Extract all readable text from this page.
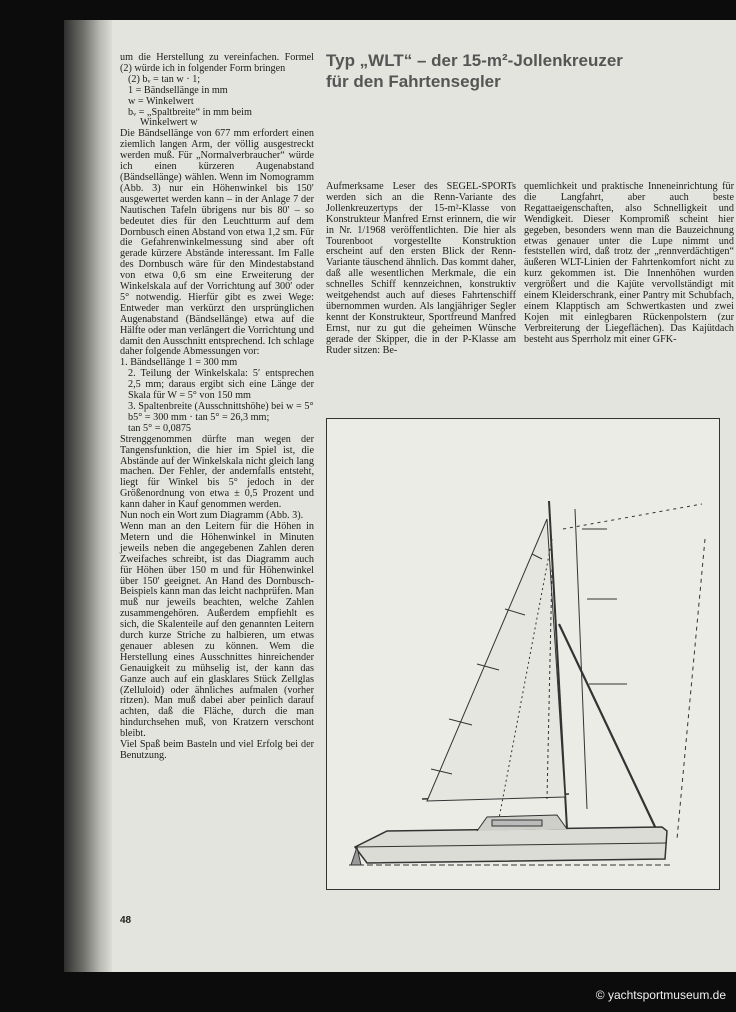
um die Herstellung zu vereinfachen. Formel (2) würde ich in folgender Form bringen

(2) bᵥ = tan w · 1;

1 = Bändsellänge in mm

w = Winkelwert

bᵥ = „Spaltbreite“ in mm beim

Winkelwert w

Die Bändsellänge von 677 mm erfordert einen ziemlich langen Arm, der völlig ausgestreckt werden muß. Für „Normalverbraucher“ würde ich einen kürzeren Augenabstand (Bändsellänge) wählen. Wenn im Nomogramm (Abb. 3) nur ein Höhenwinkel bis 150′ ausgewertet werden kann – in der Anlage 7 der Nautischen Tafeln übrigens nur bis 80′ – so bedeutet dies für den Leuchtturm auf dem Dornbusch einen Abstand von etwa 1,2 sm. Für die Gefahrenwinkelmessung sind aber oft gerade kürzere Abstände interessant. Im Falle des Dornbusch wäre für den Mindestabstand von etwa 0,6 sm eine Erweiterung der Winkelskala auf der Vorrichtung auf 300′ oder 5° notwendig. Hierfür gibt es zwei Wege: Entweder man verkürzt den ursprünglichen Augenabstand (Bändsellänge) etwa auf die Hälfte oder man verlängert die Vorrichtung und damit den Ausschnitt entsprechend. Ich schlage daher folgende Abmessungen vor:

1. Bändsellänge 1 = 300 mm

2. Teilung der Winkelskala: 5′ entsprechen 2,5 mm; daraus ergibt sich eine Länge der Skala für W = 5° von 150 mm

3. Spaltenbreite (Ausschnittshöhe) bei w = 5°

b5° = 300 mm · tan 5° = 26,3 mm;

tan 5° = 0,0875

Strenggenommen dürfte man wegen der Tangensfunktion, die hier im Spiel ist, die Abstände auf der Winkelskala nicht gleich lang machen. Der Fehler, der andernfalls entsteht, liegt für Winkel bis 5° jedoch in der Größenordnung von etwa ± 0,5 Prozent und kann daher in Kauf genommen werden.

Nun noch ein Wort zum Diagramm (Abb. 3).

Wenn man an den Leitern für die Höhen in Metern und die Höhenwinkel in Minuten jeweils neben die angegebenen Zahlen deren Zweifaches schreibt, ist das Diagramm auch für Höhen über 150 m und für Höhenwinkel über 150′ geeignet. An Hand des Dornbusch-Beispiels kann man das leicht nachprüfen. Man muß nur jeweils beachten, welche Zahlen zusammengehören. Außerdem empfiehlt es sich, die Skalenteile auf den genannten Leitern durch kurze Striche zu halbieren, um etwas genauer ablesen zu können. Wem die Herstellung eines Ausschnittes hinreichender Genauigkeit zu mühselig ist, der kann das Ganze auch auf ein glasklares Stück Zellglas (Zelluloid) oder ähnliches aufmalen (vorher ritzen). Man muß dabei aber peinlich darauf achten, daß die Fläche, durch die man hindurchsehen muß, von Kratzern verschont bleibt.

Viel Spaß beim Basteln und viel Erfolg bei der Benutzung.

Typ „WLT“ – der 15-m²-Jollenkreuzer
für den Fahrtensegler

Aufmerksame Leser des SEGEL-SPORTs werden sich an die Renn-Variante des Jollenkreuzertyps der 15-m²-Klasse von Konstrukteur Manfred Ernst erinnern, die wir in Nr. 1/1968 veröffentlichten. Die hier als Tourenboot vorgestellte Konstruktion erscheint auf den ersten Blick der Renn-Variante täuschend ähnlich. Das kommt daher, daß alle wesentlichen Merkmale, die ein schnelles Schiff kennzeichnen, konstruktiv weitgehendst auch auf dieses Fahrtenschiff übernommen wurden. Als langjähriger Segler kennt der Konstrukteur, Sportfreund Manfred Ernst, nur zu gut die geheimen Wünsche gerade der Skipper, die in der P-Klasse am Ruder sitzen: Be-

quemlichkeit und praktische Inneneinrichtung für die Langfahrt, aber auch beste Regattaeigenschaften, also Schnelligkeit und Wendigkeit. Dieser Kompromiß scheint hier gegeben, besonders wenn man die Bauzeichnung etwas genauer unter die Lupe nimmt und feststellen wird, daß trotz der „rennverdächtigen“ äußeren WLT-Linien der Fahrtenkomfort nicht zu kurz gekommen ist. Die Innenhöhen wurden vergrößert und die Kajüte vervollständigt mit einem Kleiderschrank, einer Pantry mit Schubfach, einem Klapptisch am Schwertkasten und zwei Kojen mit einlegbaren Rückenpolstern (zur Verbreiterung der Liegeflächen). Das Kajütdach besteht aus Sperrholz mit einer GFK-

48
© yachtsportmuseum.de
